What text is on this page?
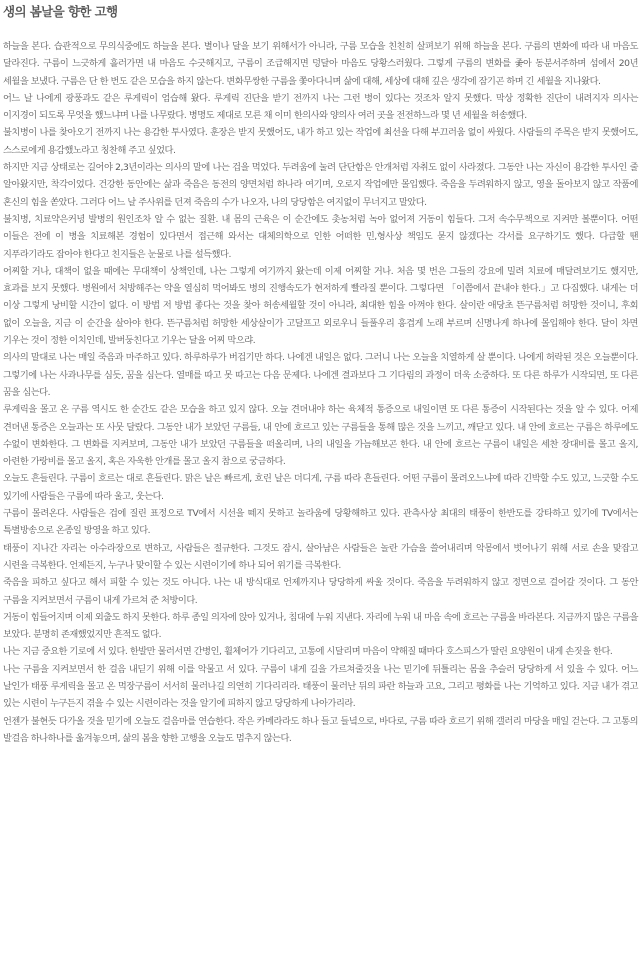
생의 봄날을 향한 고행

하늘을 본다. 습관적으로 무의식중에도 하늘을 본다. 별이나 달을 보기 위해서가 아니라, 구름 모습을 친친히 살펴보기 위해 하늘을 본다. 구름의 변화에 따라 내 마음도 달라진다. 구름이 느긋하게 흘러가면 내 마음도 수긋해지고, 구름이 조급해지면 덩달아 마음도 당황스러웠다. 그렇게 구름의 변화를 좇아 동분서주하며 섬에서 20년 세월을 보냈다. 구름은 단 한 번도 같은 모습을 하지 않는다. 변화무쌍한 구름을 쫓아다니며 삶에 대해, 세상에 대해 깊은 생각에 잠기곤 하며 긴 세월을 지나왔다.

어느 날 나에게 광풍과도 같은 루게릭이 엄습해 왔다. 루게릭 진단을 받기 전까지 나는 그런 병이 있다는 것조차 알지 못했다. 막상 정확한 진단이 내려지자 의사는 이지경이 되도록 무엇을 했느냐며 나를 나무랐다. 병명도 제대로 모른 채 이미 한의사와 양의사 여러 곳을 전전하느라 몇 년 세월을 허송했다.

불치병이 나를 찾아오기 전까지 나는 용감한 투사였다. 훈장은 받지 못했어도, 내가 하고 있는 작업에 최선을 다해 부끄러움 없이 싸웠다. 사람들의 주목은 받지 못했어도, 스스로에게 용감했노라고 칭찬해 주고 싶었다.

하지만 지금 상태로는 길어야 2,3년이라는 의사의 말에 나는 겁을 먹었다. 두려움에 눌려 단단함은 안개처럼 자취도 없이 사라졌다. 그동안 나는 자신이 용감한 투사인 줄 알아왔지만, 착각이었다. 건강한 동안에는 삶과 죽음은 동전의 양면처럼 하나라 여기며, 오로지 작업에만 몰입했다. 죽음을 두려워하지 않고, 영을 돌아보지 않고 작품에 혼신의 힘을 쏟았다. 그러다 어느 날 주사위를 던져 죽음의 수가 나오자, 나의 당당함은 여지없이 무너지고 말았다.

불치병, 치료약은커녕 발병의 원인조차 알 수 없는 질환. 내 몸의 근육은 이 순간에도 촛농처럼 녹아 없어져 거동이 힘들다. 그저 속수무책으로 지켜만 볼뿐이다. 어떤 이들은 전에 이 병을 치료해본 경험이 있다면서 접근해 와서는 대체의학으로 인한 어떠한 민,형사상 책임도 묻지 않겠다는 각서를 요구하기도 했다. 다급할 땐 지푸라기라도 잡아야 한다고 친지들은 눈물로 나를 설득했다.

어찌할 거나, 대책이 없을 때에는 무대책이 상책인데, 나는 그렇게 여기까지 왔는데 이제 어찌할 거나. 처음 몇 번은 그들의 강요에 밀려 치료에 매달려보기도 했지만, 효과를 보지 못했다. 병원에서 처방해주는 약을 열심히 먹어봐도 병의 진행속도가 현저하게 빨라질 뿐이다. 그렇다면 「이쯤에서 끝내야 한다.」고 다짐했다. 내게는 더 이상 그렇게 낭비할 시간이 없다. 이 방법 저 방법 좋다는 것을 찾아 허송세월할 것이 아니라, 최대한 힘을 아껴야 한다. 살이란 애당초 뜬구름처럼 허망한 것이니, 후회 없이 오늘을, 지금 이 순간을 살아야 한다. 뜬구름처럼 허망한 세상살이가 고달프고 외로우니 들풀우리 흥겹게 노래 부르며 신명나게 하나에 몰입해야 한다. 달이 차면 기우는 것이 정한 이치인데, 발버둥친다고 기우는 달을 어찌 막으랴.

의사의 말대로 나는 매일 죽음과 마주하고 있다. 하루하루가 버겁기만 하다. 나에겐 내일은 없다. 그러니 나는 오늘을 치열하게 살 뿐이다. 나에게 허락된 것은 오늘뿐이다. 그렇기에 나는 사과나무를 심듯, 꿈을 심는다. 열매를 따고 못 따고는 다음 문제다. 나에겐 결과보다 그 기다림의 과정이 더욱 소중하다. 또 다른 하루가 시작되면, 또 다른 꿈을 심는다.

루게릭을 몰고 온 구름 역시도 한 순간도 같은 모습을 하고 있지 않다. 오늘 견뎌내야 하는 육체적 통증으로 내일이면 또 다른 통증이 시작된다는 것을 알 수 있다. 어제 견뎌낸 통증은 오늘과는 또 사뭇 달랐다. 그동안 내가 보았던 구름들, 내 안에 흐르고 있는 구름들을 통해 많은 것을 느끼고, 깨닫고 있다. 내 안에 흐르는 구름은 하루에도 수없이 변화한다. 그 변화를 지켜보며, 그동안 내가 보았던 구름들을 떠올리며, 나의 내일을 가늠해보곤 한다. 내 안에 흐르는 구름이 내일은 세찬 장대비를 몰고 올지, 아련한 가랑비를 몰고 올지, 혹은 자욱한 안개를 몰고 올지 참으로 궁금하다.

오늘도 흔들린다. 구름이 흐르는 대로 흔들린다. 맑은 날은 빠르게, 흐린 날은 더디게, 구름 따라 흔들린다. 어떤 구름이 몰려오느냐에 따라 긴박할 수도 있고, 느긋할 수도 있기에 사람들은 구름에 따라 울고, 웃는다.

구름이 몰려온다. 사람들은 겁에 질린 표정으로 TV에서 시선을 떼지 못하고 놀라움에 당황해하고 있다. 관측사상 최대의 태풍이 한반도를 강타하고 있기에 TV에서는 특별방송으로 온종일 방영을 하고 있다.

태풍이 지나간 자리는 아수라장으로 변하고, 사람들은 절규한다. 그것도 잠시, 살아남은 사람들은 놀란 가슴을 쓸어내리며 악몽에서 벗어나기 위해 서로 손을 맞잡고 시련을 극복한다. 언제든지, 누구나 맞이할 수 있는 시련이기에 하나 되어 위기를 극복한다.

죽음을 피하고 싶다고 해서 피할 수 있는 것도 아니다. 나는 내 방식대로 언제까지나 당당하게 싸울 것이다. 죽음을 두려워하지 않고 정면으로 걸어갈 것이다. 그 동안 구름을 지켜보면서 구름이 내게 가르쳐 준 처방이다.

거동이 힘들어지며 이제 외출도 하지 못한다. 하루 종일 의자에 앉아 있거나, 침대에 누워 지낸다. 자리에 누워 내 마음 속에 흐르는 구름을 바라본다. 지금까지 많은 구름을 보았다. 분명히 존재했었지만 흔적도 없다.

나는 지금 중요한 기로에 서 있다. 한발만 물러서면 간병인, 휠체어가 기다리고, 고통에 시달리며 마음이 약해질 때마다 호스피스가 딸린 요양원이 내게 손짓을 한다.

나는 구름을 지켜보면서 한 걸음 내딛기 위해 이를 악물고 서 있다. 구름이 내게 길을 가르쳐줄것을 나는 믿기에 뒤틀리는 몸을 추슬러 당당하게 서 있을 수 있다. 어느 날인가 태풍 루게릭을 몰고 온 먹장구름이 서서히 물러나길 의연히 기다리리라. 태풍이 물러난 뒤의 파란 하늘과 고요, 그리고 평화를 나는 기억하고 있다. 지금 내가 겪고 있는 시련이 누구든지 겪을 수 있는 시련이라는 것을 알기에 피하지 않고 당당하게 나아가리라.

언젠가 불현듯 다가올 것을 믿기에 오늘도 걸음마를 연습한다. 작은 카메라라도 하나 들고 들녘으로, 바다로, 구름 따라 흐르기 위해 갤러리 마당을 매일 걷는다. 그 고통의 발걸음 하나하나를 옮겨놓으며, 삶의 봄을 향한 고행을 오늘도 멈추지 않는다.
